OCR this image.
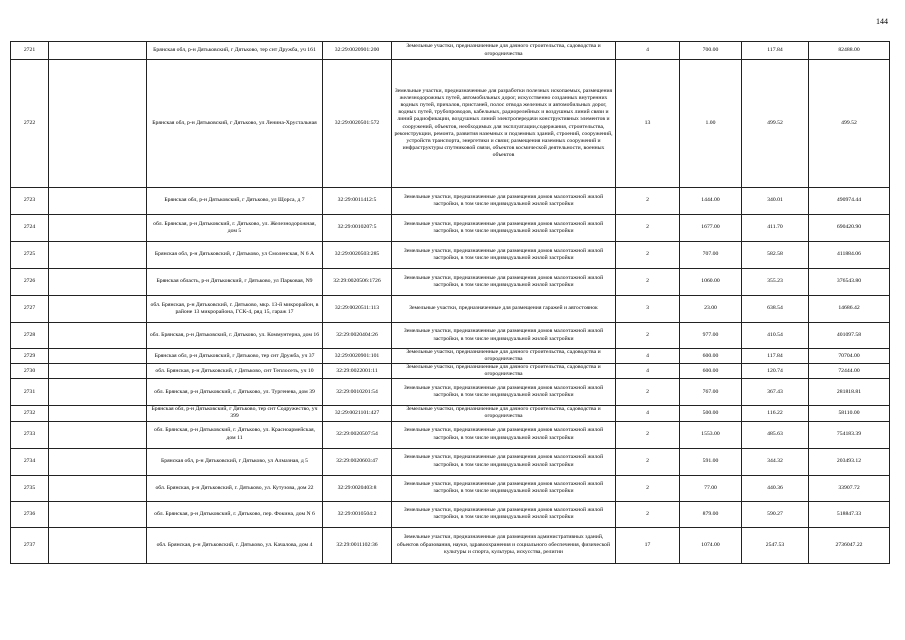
144
2721		Брянская обл, р-н Дятьковский, г Дятьково, тер снт Дружба, уч 161	32:29:0020901:200	Земельные участки, предназначенные для дачного строительства, садоводства и огородничества	4	700.00	117.84	82488.00
2722		Брянская обл, р-н Дятьковский, г Дятьково, ул Ленина-Хрустальная	32:29:0020501:572	Земельные участки, предназначенные для разработки полезных ископаемых, размещения железнодорожных путей, автомобильных дорог, искусственно созданных внутренних водных путей, причалов, пристаней, полос отвода железных и автомобильных дорог, водных путей, трубопроводов, кабельных, радиорелейных и воздушных линий связи и линий радиофикации, воздушных линий электропередачи конструктивных элементов и сооружений, объектов, необходимых для эксплуатации,содержания, строительства, реконструкции, ремонта, развития наземных и подземных зданий, строений, сооружений, устройств транспорта, энергетики и связи; размещения наземных сооружений и инфраструктуры спутниковой связи, объектов космической деятельности, военных объектов	13	1.00	499.52	499.52
2723		Брянская обл, р-н Дятьковский, г Дятьково, ул Щорса, д 7	32:29:0011412:5	Земельные участки, предназначенные для размещения домов малоэтажной жилой застройки, в том числе индивидуальной жилой застройки	2	1444.00	340.01	490974.44
2724		обл. Брянская, р-н Дятьковский, г. Дятьково, ул. Железнодорожная, дом 5	32:29:0010207:5	Земельные участки, предназначенные для размещения домов малоэтажной жилой застройки, в том числе индивидуальной жилой застройки	2	1677.00	411.70	690420.90
2725		Брянская обл, р-н Дятьковский, г Дятьково, ул Смоленская, N 6 А	32:29:0020503:285	Земельные участки, предназначенные для размещения домов малоэтажной жилой застройки, в том числе индивидуальной жилой застройки	2	707.00	582.58	411884.06
2726		Брянская область, р-н Дятьковский, г Дятьково, ул Парковая, N9	32:29:0020506:1726	Земельные участки, предназначенные для размещения домов малоэтажной жилой застройки, в том числе индивидуальной жилой застройки	2	1060.00	355.23	376543.80
2727		обл. Брянская, р-н Дятьковский, г. Дятьково, мкр. 13-й микрорайон, в районе 13 микрорайона, ГСК-4, ряд 15, гараж 17	32:29:0020511:113	Земельные участки, предназначенные для размещения гаражей и автостоянок	3	23.00	638.54	14686.42
2728		обл. Брянская, р-н Дятьковский, г. Дятьково, ул. Коммунтерна, дом 16	32:29:0020404:26	Земельные участки, предназначенные для размещения домов малоэтажной жилой застройки, в том числе индивидуальной жилой застройки	2	977.00	410.54	401097.58
2729		Брянская обл, р-н Дятьковский, г Дятьково, тер снт Дружба, уч 37	32:29:0020901:101	Земельные участки, предназначенные для дачного строительства, садоводства и огородничества	4	600.00	117.84	70704.00
2730		обл. Брянская, р-н Дятьковский, г Дятьково, снт Теплосеть, уч 10	32:29:0022001:11	Земельные участки, предназначенные для дачного строительства, садоводства и огородничества	4	600.00	120.74	72444.00
2731		обл. Брянская, р-н Дятьковский, г. Дятьково, ул. Тургенева, дом 39	32:29:0010201:54	Земельные участки, предназначенные для размещения домов малоэтажной жилой застройки, в том числе индивидуальной жилой застройки	2	767.00	367.43	281818.81
2732		Брянская обл, р-н Дятьковский, г Дятьково, тер снт Содружество, уч 399	32:29:0021101:427	Земельные участки, предназначенные для дачного строительства, садоводства и огородничества	4	500.00	116.22	58110.00
2733		обл. Брянская, р-н Дятьковский, г. Дятьково, ул. Красноармейская, дом 11	32:29:0020507:54	Земельные участки, предназначенные для размещения домов малоэтажной жилой застройки, в том числе индивидуальной жилой застройки	2	1553.00	485.63	754183.39
2734		Брянская обл, р-н Дятьковский, г Дятьково, ул Алмазная, д 5	32:29:0020603:47	Земельные участки, предназначенные для размещения домов малоэтажной жилой застройки, в том числе индивидуальной жилой застройки	2	591.00	344.32	203493.12
2735		обл. Брянская, р-н Дятьковский, г. Дятьково, ул. Кутузова, дом 22	32:29:0020403:8	Земельные участки, предназначенные для размещения домов малоэтажной жилой застройки, в том числе индивидуальной жилой застройки	2	77.00	440.36	33907.72
2736		обл. Брянская, р-н Дятьковский, г. Дятьково, пер. Фокина, дом N 6	32:29:0010504:2	Земельные участки, предназначенные для размещения домов малоэтажной жилой застройки, в том числе индивидуальной жилой застройки	2	879.00	590.27	518847.33
2737		обл. Брянская, р-н Дятьковский, г. Дятьково, ул. Качалова, дом 4	32:29:0011102:36	Земельные участки, предназначенные для размещения административных зданий, объектов образования, науки, здравоохранения и социального обеспечения, физической культуры и спорта, культуры, искусства, религии	17	1074.00	2547.53	2736047.22
